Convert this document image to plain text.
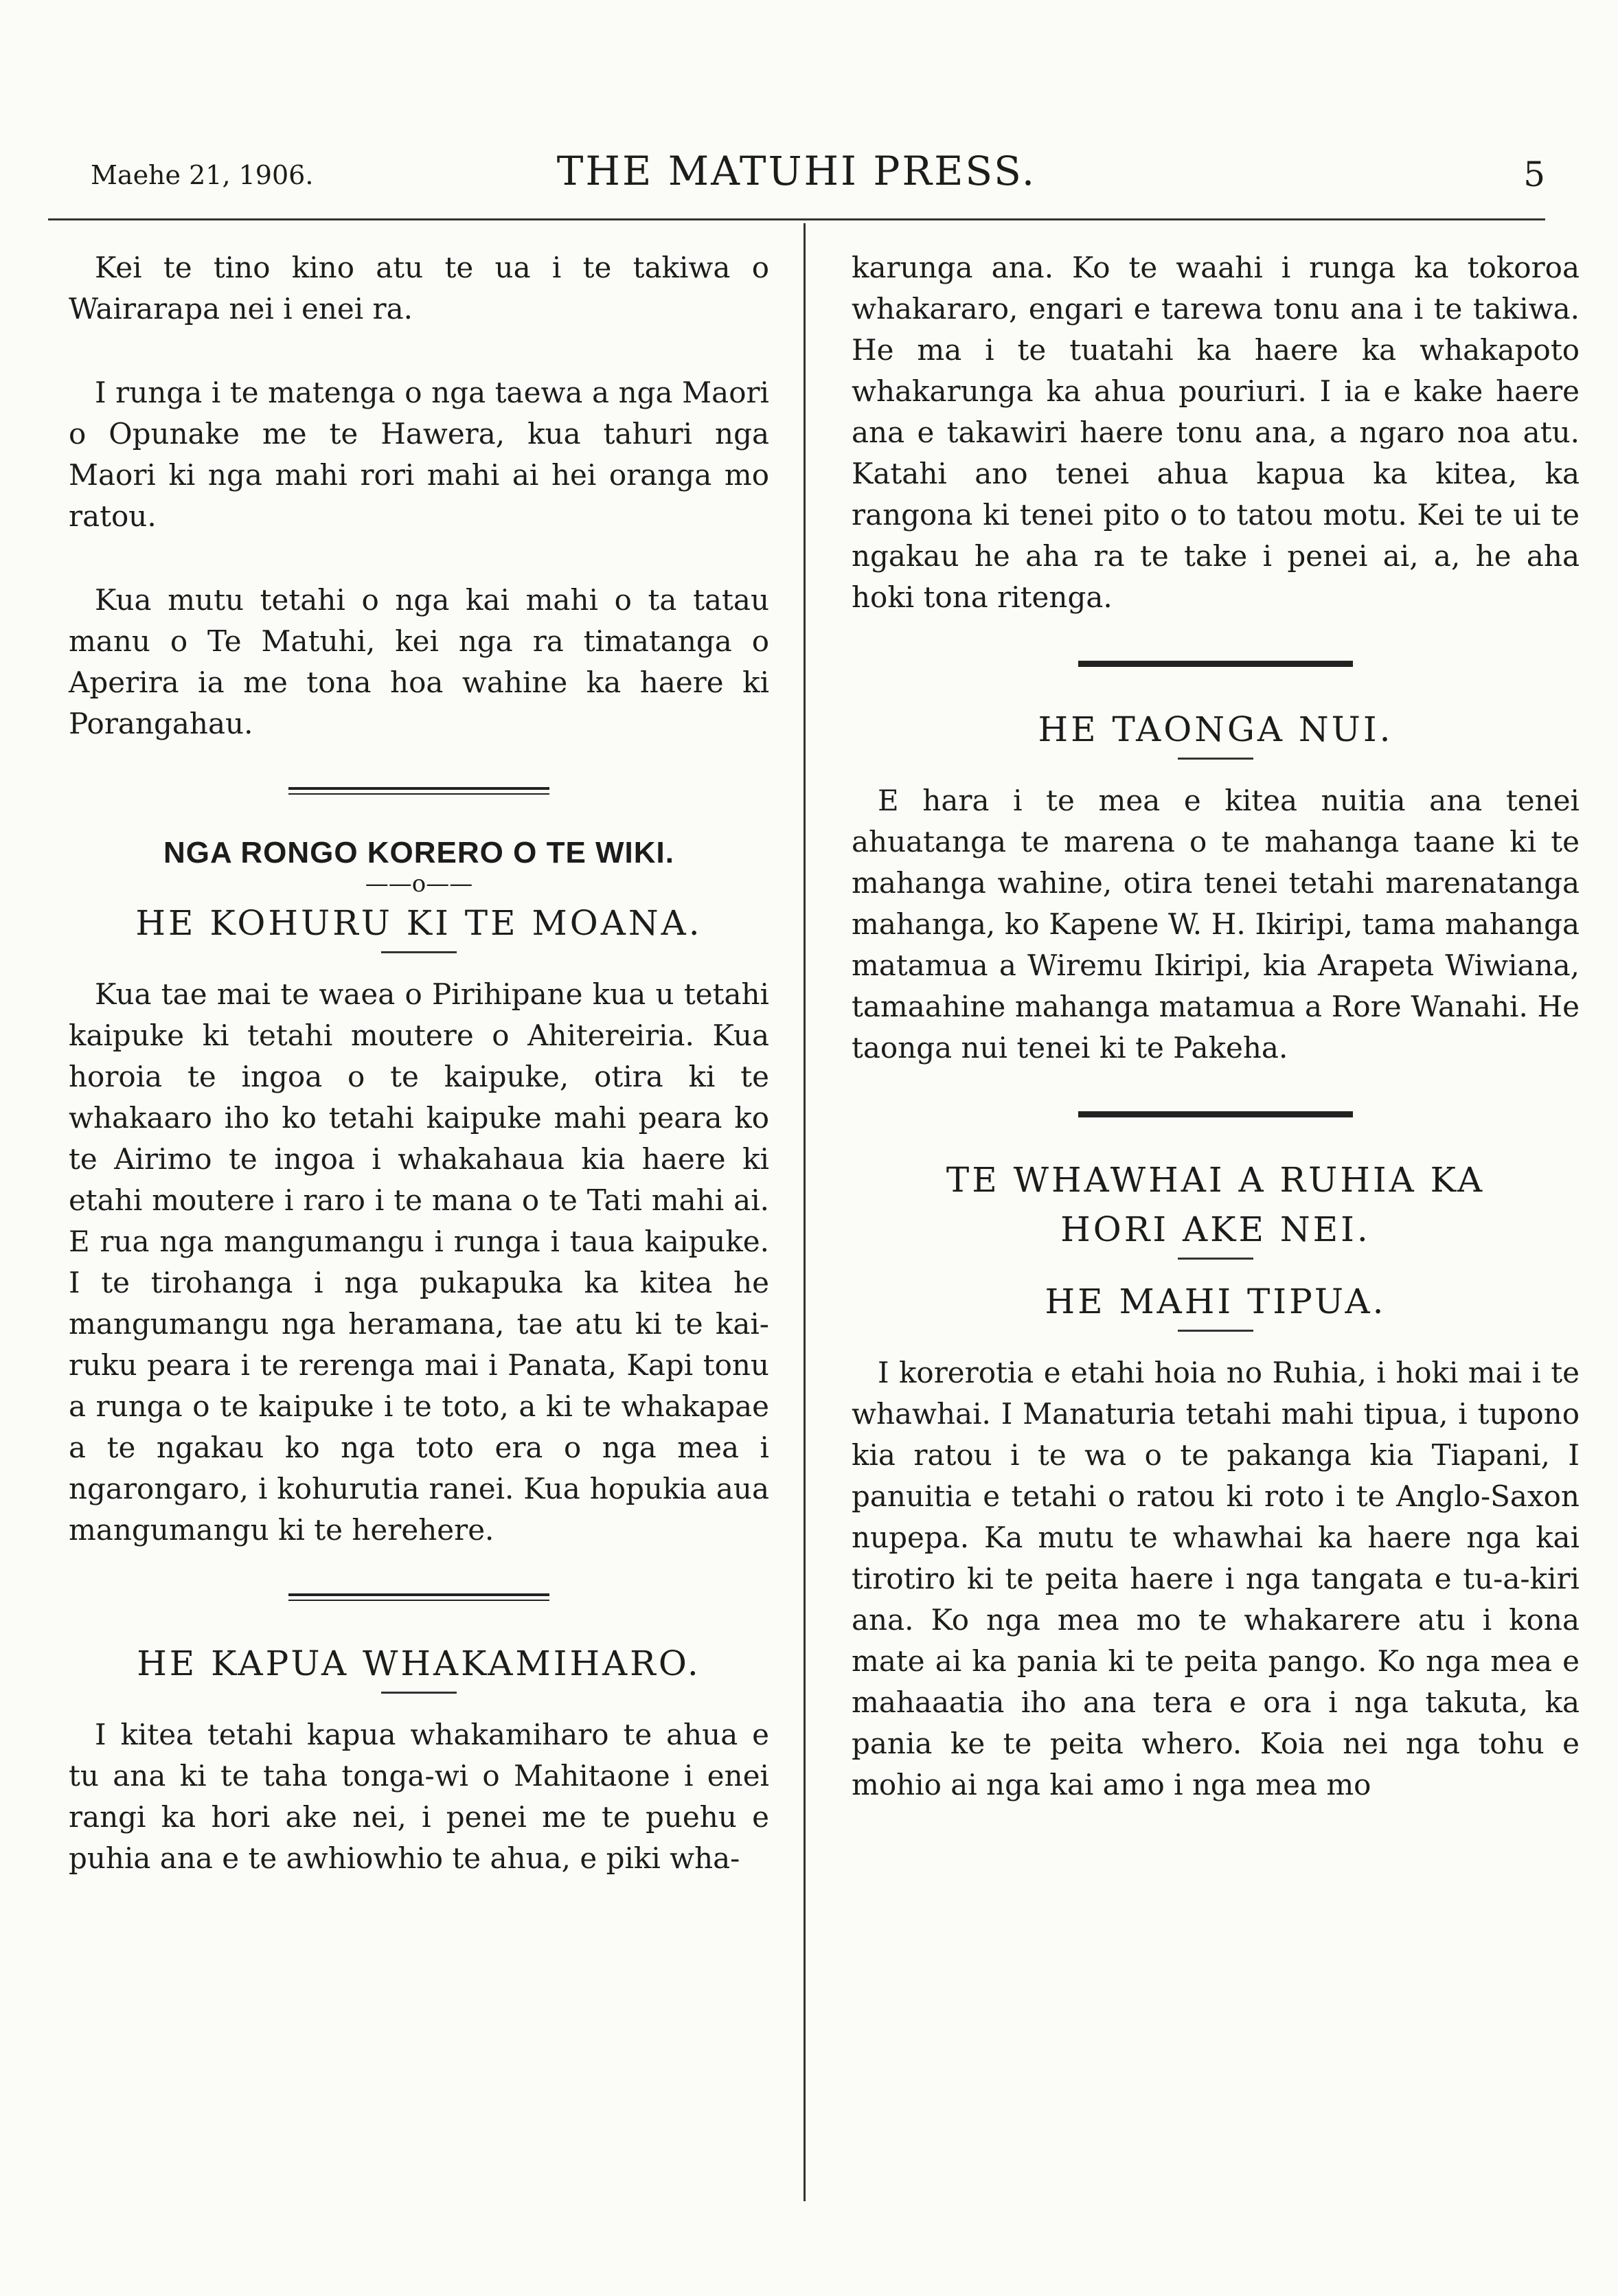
Maehe 21, 1906.	THE MATUHI PRESS.	5

Kei te tino kino atu te ua i te takiwa o Wairarapa nei i enei ra.

I runga i te matenga o nga taewa a nga Maori o Opunake me te Hawera, kua tahuri nga Maori ki nga mahi rori mahi ai hei oranga mo ratou.

Kua mutu tetahi o nga kai mahi o ta tatau manu o Te Matuhi, kei nga ra timatanga o Aperira ia me tona hoa wahine ka haere ki Porangahau.

NGA RONGO KORERO O TE WIKI.
——o——
HE KOHURU KI TE MOANA.

Kua tae mai te waea o Pirihipane kua u tetahi kaipuke ki tetahi moutere o Ahitereiria. Kua horoia te ingoa o te kaipuke, otira ki te whakaaro iho ko tetahi kaipuke mahi peara ko te Airimo te ingoa i whakahaua kia haere ki etahi moutere i raro i te mana o te Tati mahi ai. E rua nga mangumangu i runga i taua kaipuke. I te tirohanga i nga pukapuka ka kitea he mangumangu nga heramana, tae atu ki te kai-ruku peara i te rerenga mai i Panata, Kapi tonu a runga o te kaipuke i te toto, a ki te whakapae a te ngakau ko nga toto era o nga mea i ngarongaro, i kohurutia ranei. Kua hopukia aua mangumangu ki te herehere.

HE KAPUA WHAKAMIHARO.

I kitea tetahi kapua whakamiharo te ahua e tu ana ki te taha tonga-wi o Mahitaone i enei rangi ka hori ake nei, i penei me te puehu e puhia ana e te awhiowhio te ahua, e piki wha-

karunga ana. Ko te waahi i runga ka tokoroa whakararo, engari e tarewa tonu ana i te takiwa. He ma i te tuatahi ka haere ka whakapoto whakarunga ka ahua pouriuri. I ia e kake haere ana e takawiri haere tonu ana, a ngaro noa atu. Katahi ano tenei ahua kapua ka kitea, ka rangona ki tenei pito o to tatou motu. Kei te ui te ngakau he aha ra te take i penei ai, a, he aha hoki tona ritenga.

HE TAONGA NUI.

E hara i te mea e kitea nuitia ana tenei ahuatanga te marena o te mahanga taane ki te mahanga wahine, otira tenei tetahi marenatanga mahanga, ko Kapene W. H. Ikiripi, tama mahanga matamua a Wiremu Ikiripi, kia Arapeta Wiwiana, tamaahine mahanga matamua a Rore Wanahi. He taonga nui tenei ki te Pakeha.

TE WHAWHAI A RUHIA KA
HORI AKE NEI.
HE MAHI TIPUA.

I korerotia e etahi hoia no Ruhia, i hoki mai i te whawhai. I Manaturia tetahi mahi tipua, i tupono kia ratou i te wa o te pakanga kia Tiapani, I panuitia e tetahi o ratou ki roto i te Anglo-Saxon nupepa. Ka mutu te whawhai ka haere nga kai tirotiro ki te peita haere i nga tangata e tu-a-kiri ana. Ko nga mea mo te whakarere atu i kona mate ai ka pania ki te peita pango. Ko nga mea e mahaaatia iho ana tera e ora i nga takuta, ka pania ke te peita whero. Koia nei nga tohu e mohio ai nga kai amo i nga mea mo
